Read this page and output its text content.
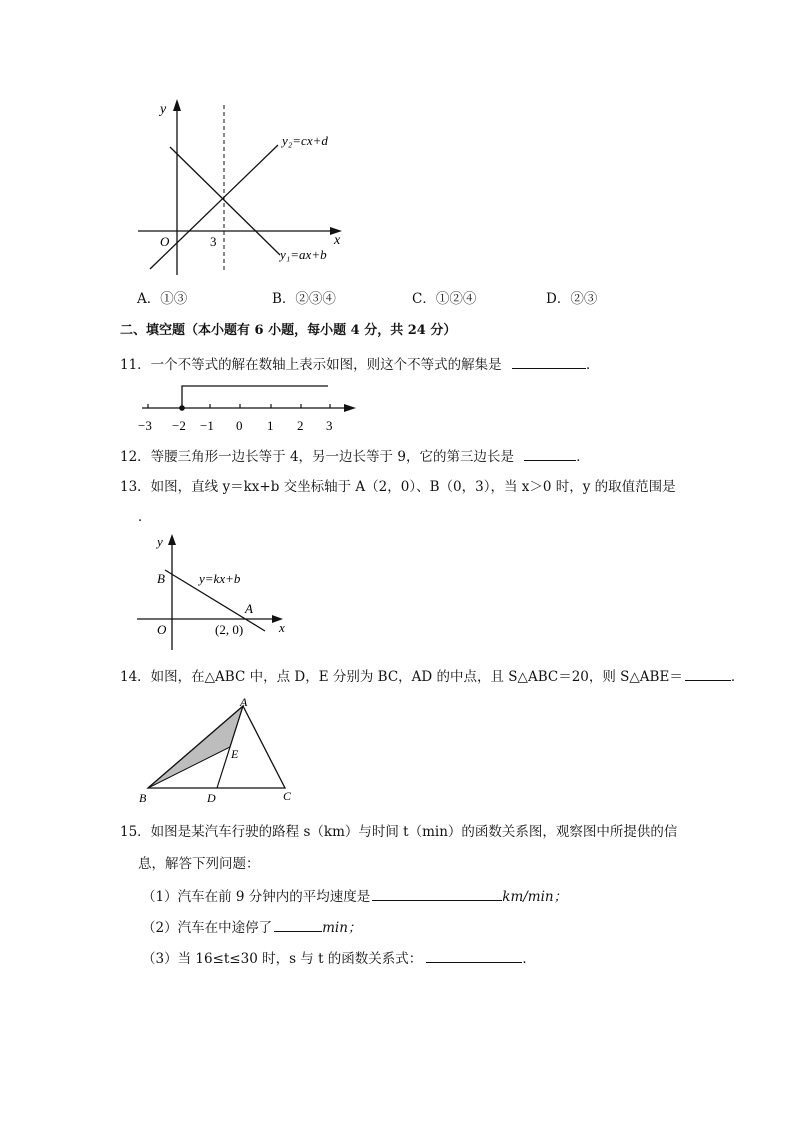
y
x
O	3
y₂=cx+d
y₁=ax+b
A．①③	B．②③④	C．①②④	D．②③
二、填空题（本小题有 6 小题，每小题 4 分，共 24 分）
11．一个不等式的解在数轴上表示如图，则这个不等式的解集是	．
−3 −2 −1 0 1 2 3
12．等腰三角形一边长等于 4，另一边长等于 9，它的第三边长是	．
13．如图，直线 y＝kx+b 交坐标轴于 A（2，0）、B（0，3），当 x＞0 时，y 的取值范围是
．
y
x
O
B	y=kx+b
A
(2, 0)
14．如图，在△ABC 中，点 D，E 分别为 BC，AD 的中点，且 S△ABC＝20，则 S△ABE＝	．
A
B	C
D
E
15．如图是某汽车行驶的路程 s（km）与时间 t（min）的函数关系图，观察图中所提供的信
息，解答下列问题：
（1）汽车在前 9 分钟内的平均速度是	km/min；
（2）汽车在中途停了	min；
（3）当 16≤t≤30 时，s 与 t 的函数关系式：	．
